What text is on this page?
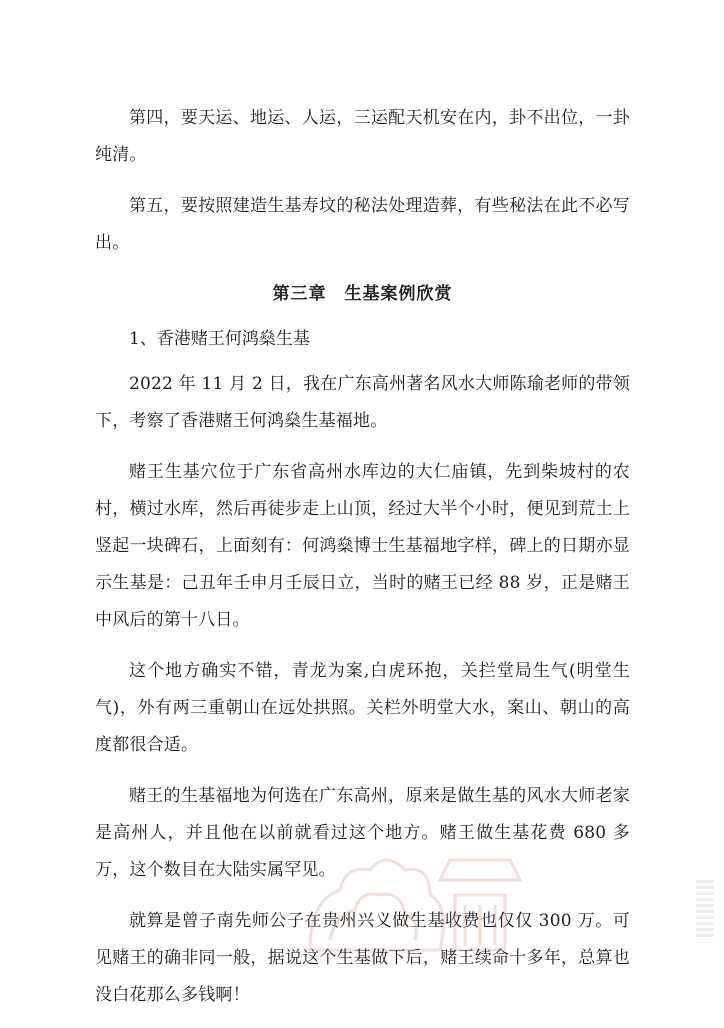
第四，要天运、地运、人运，三运配天机安在内，卦不出位，一卦纯清。

第五，要按照建造生基寿坟的秘法处理造葬，有些秘法在此不必写出。

第三章　生基案例欣赏

1、香港赌王何鸿燊生基

2022 年 11 月 2 日，我在广东高州著名风水大师陈瑜老师的带领下，考察了香港赌王何鸿燊生基福地。

赌王生基穴位于广东省高州水库边的大仁庙镇，先到柴坡村的农村，横过水库，然后再徒步走上山顶，经过大半个小时，便见到荒土上竖起一块碑石，上面刻有：何鸿燊博士生基福地字样，碑上的日期亦显示生基是：己丑年壬申月壬辰日立，当时的赌王已经 88 岁，正是赌王中风后的第十八日。

这个地方确实不错，青龙为案,白虎环抱，关拦堂局生气(明堂生气)，外有两三重朝山在远处拱照。关栏外明堂大水，案山、朝山的高度都很合适。

赌王的生基福地为何选在广东高州，原来是做生基的风水大师老家是高州人，并且他在以前就看过这个地方。赌王做生基花费 680 多万，这个数目在大陆实属罕见。

就算是曾子南先师公子在贵州兴义做生基收费也仅仅 300 万。可见赌王的确非同一般，据说这个生基做下后，赌王续命十多年，总算也没白花那么多钱啊！
